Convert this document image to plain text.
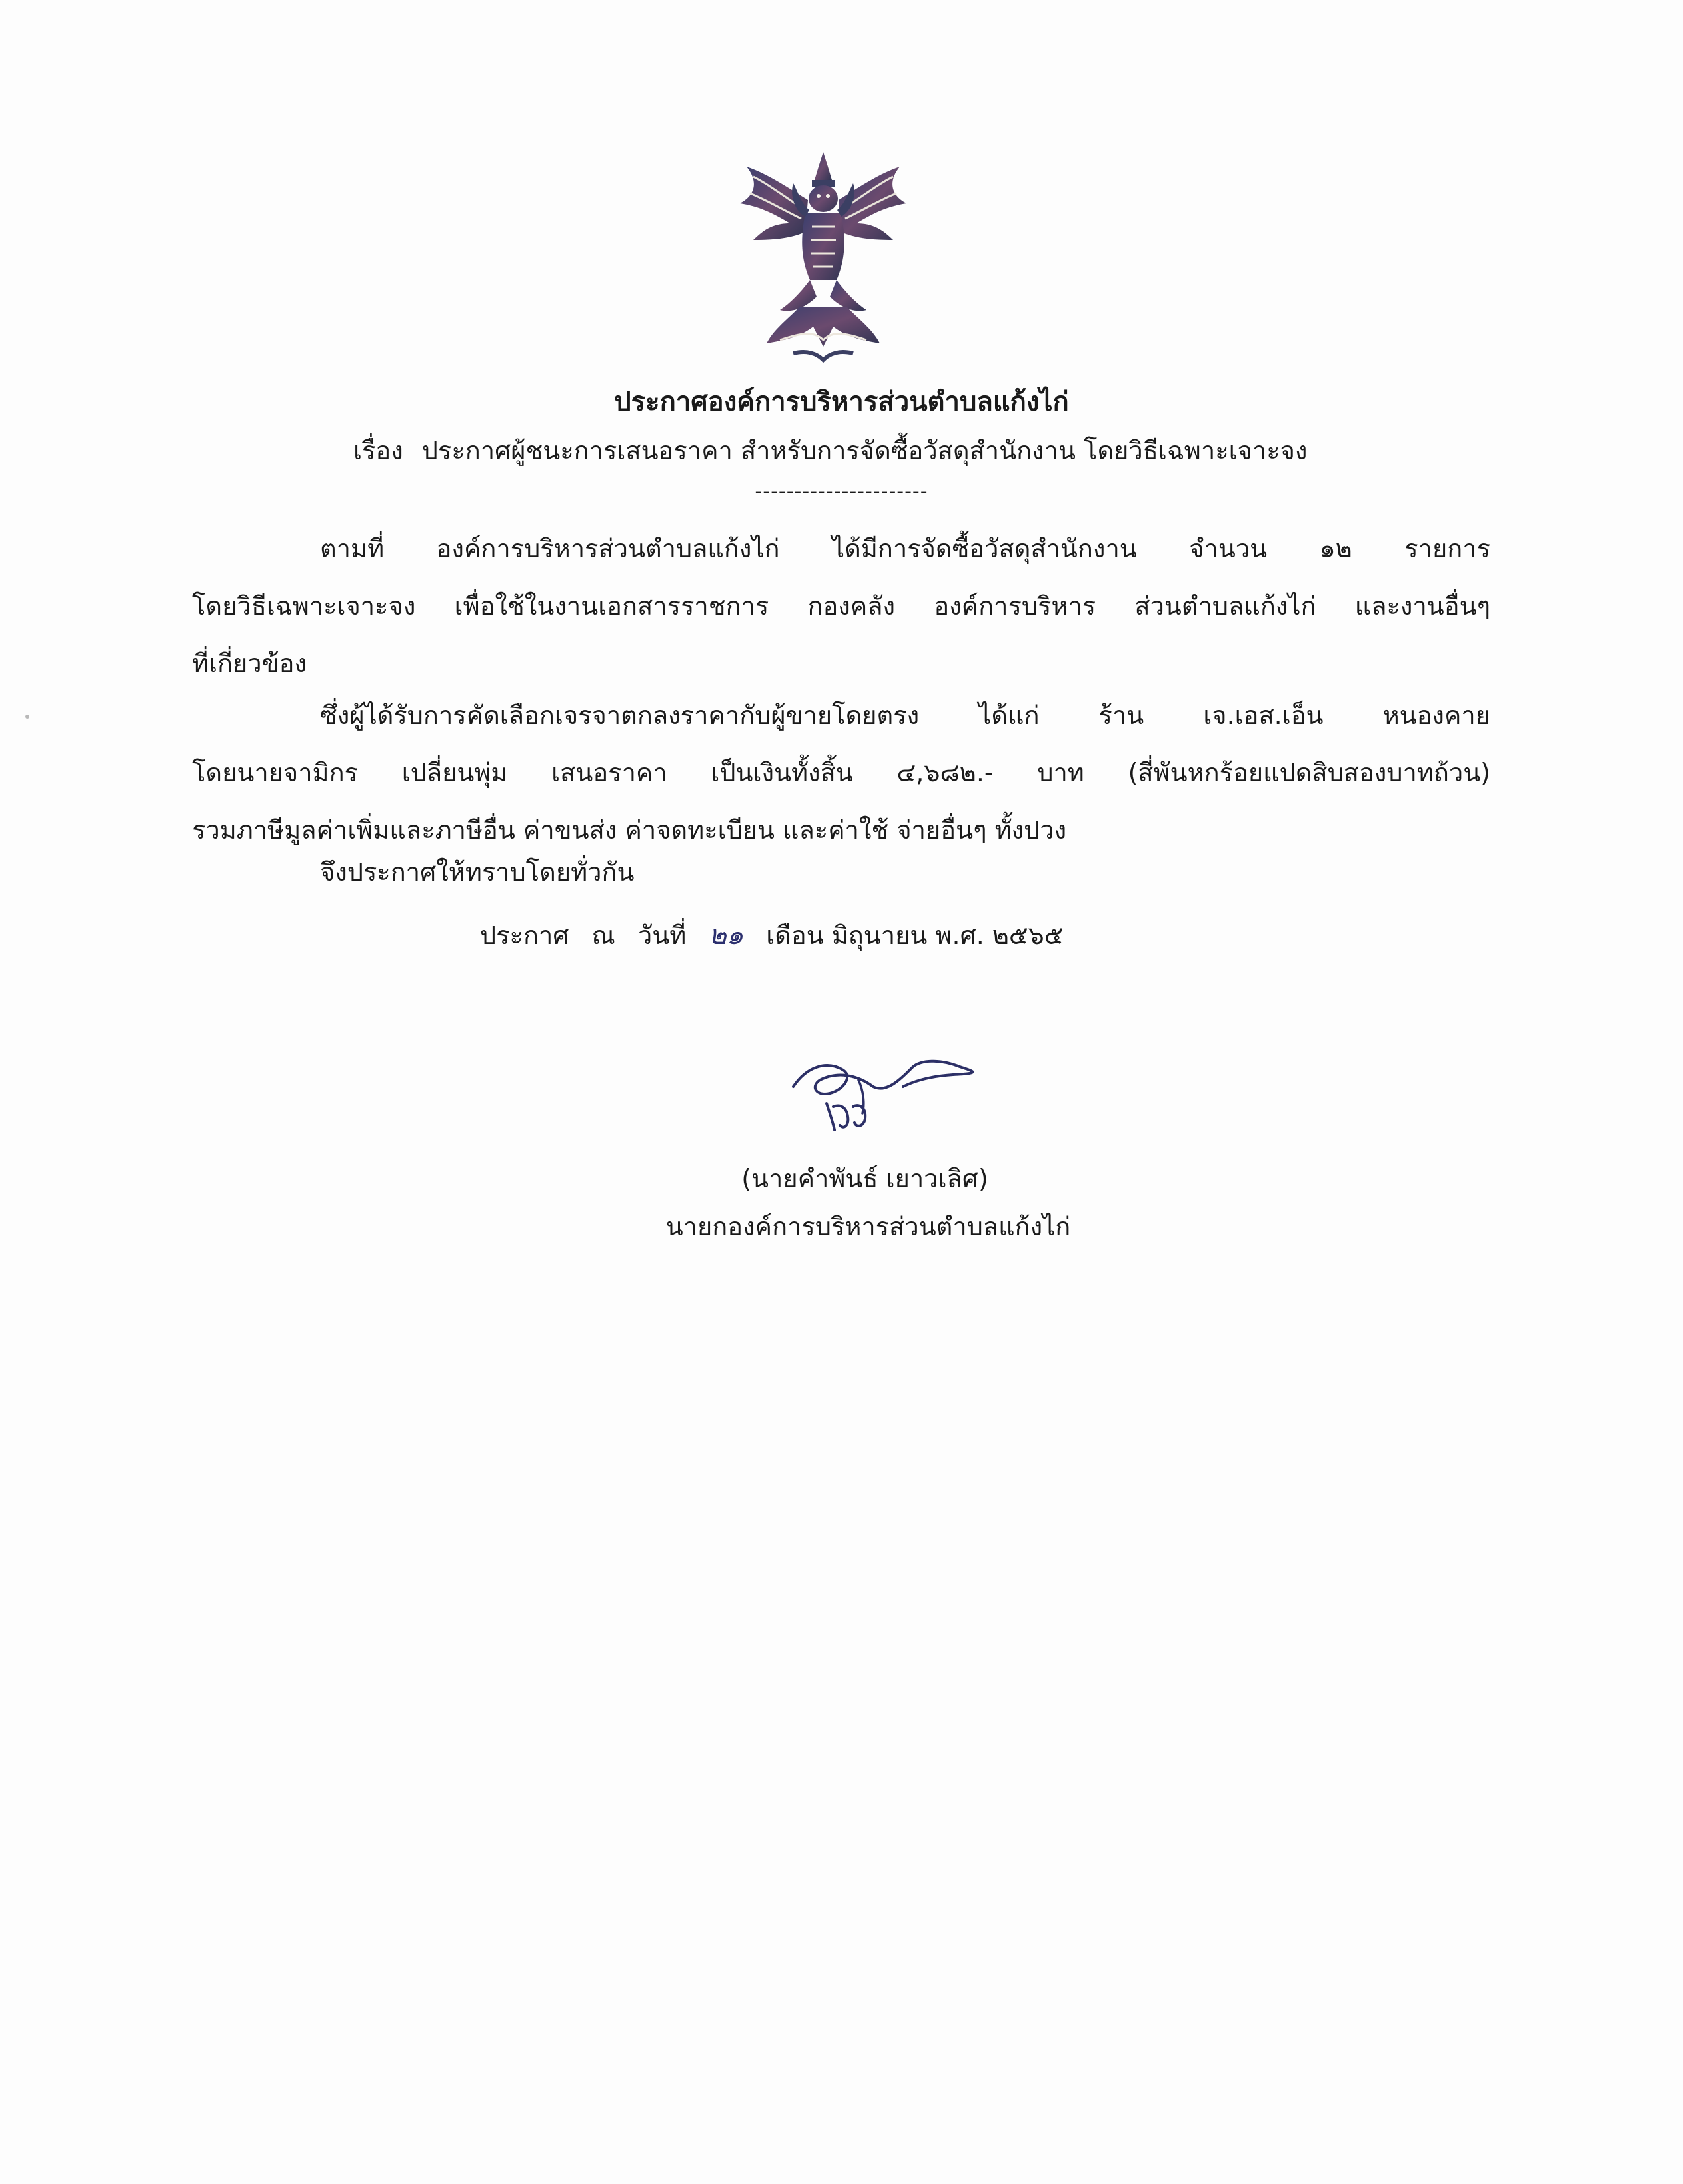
ประกาศองค์การบริหารส่วนตำบลแก้งไก่
เรื่อง ประกาศผู้ชนะการเสนอราคา สำหรับการจัดซื้อวัสดุสำนักงาน โดยวิธีเฉพาะเจาะจง
----------------------
ตามที่ องค์การบริหารส่วนตำบลแก้งไก่ ได้มีการจัดซื้อวัสดุสำนักงาน จำนวน ๑๒ รายการ
โดยวิธีเฉพาะเจาะจง เพื่อใช้ในงานเอกสารราชการ กองคลัง องค์การบริหาร ส่วนตำบลแก้งไก่ และงานอื่นๆ
ที่เกี่ยวข้อง
ซึ่งผู้ได้รับการคัดเลือกเจรจาตกลงราคากับผู้ขายโดยตรง ได้แก่ ร้าน เจ.เอส.เอ็น หนองคาย
โดยนายจามิกร เปลี่ยนพุ่ม เสนอราคา เป็นเงินทั้งสิ้น ๔,๖๘๒.- บาท (สี่พันหกร้อยแปดสิบสองบาทถ้วน)
รวมภาษีมูลค่าเพิ่มและภาษีอื่น ค่าขนส่ง ค่าจดทะเบียน และค่าใช้ จ่ายอื่นๆ ทั้งปวง
จึงประกาศให้ทราบโดยทั่วกัน
ประกาศ ณ วันที่ ๒๑ เดือน มิถุนายน พ.ศ. ๒๕๖๕
(นายคำพันธ์ เยาวเลิศ)
นายกองค์การบริหารส่วนตำบลแก้งไก่
